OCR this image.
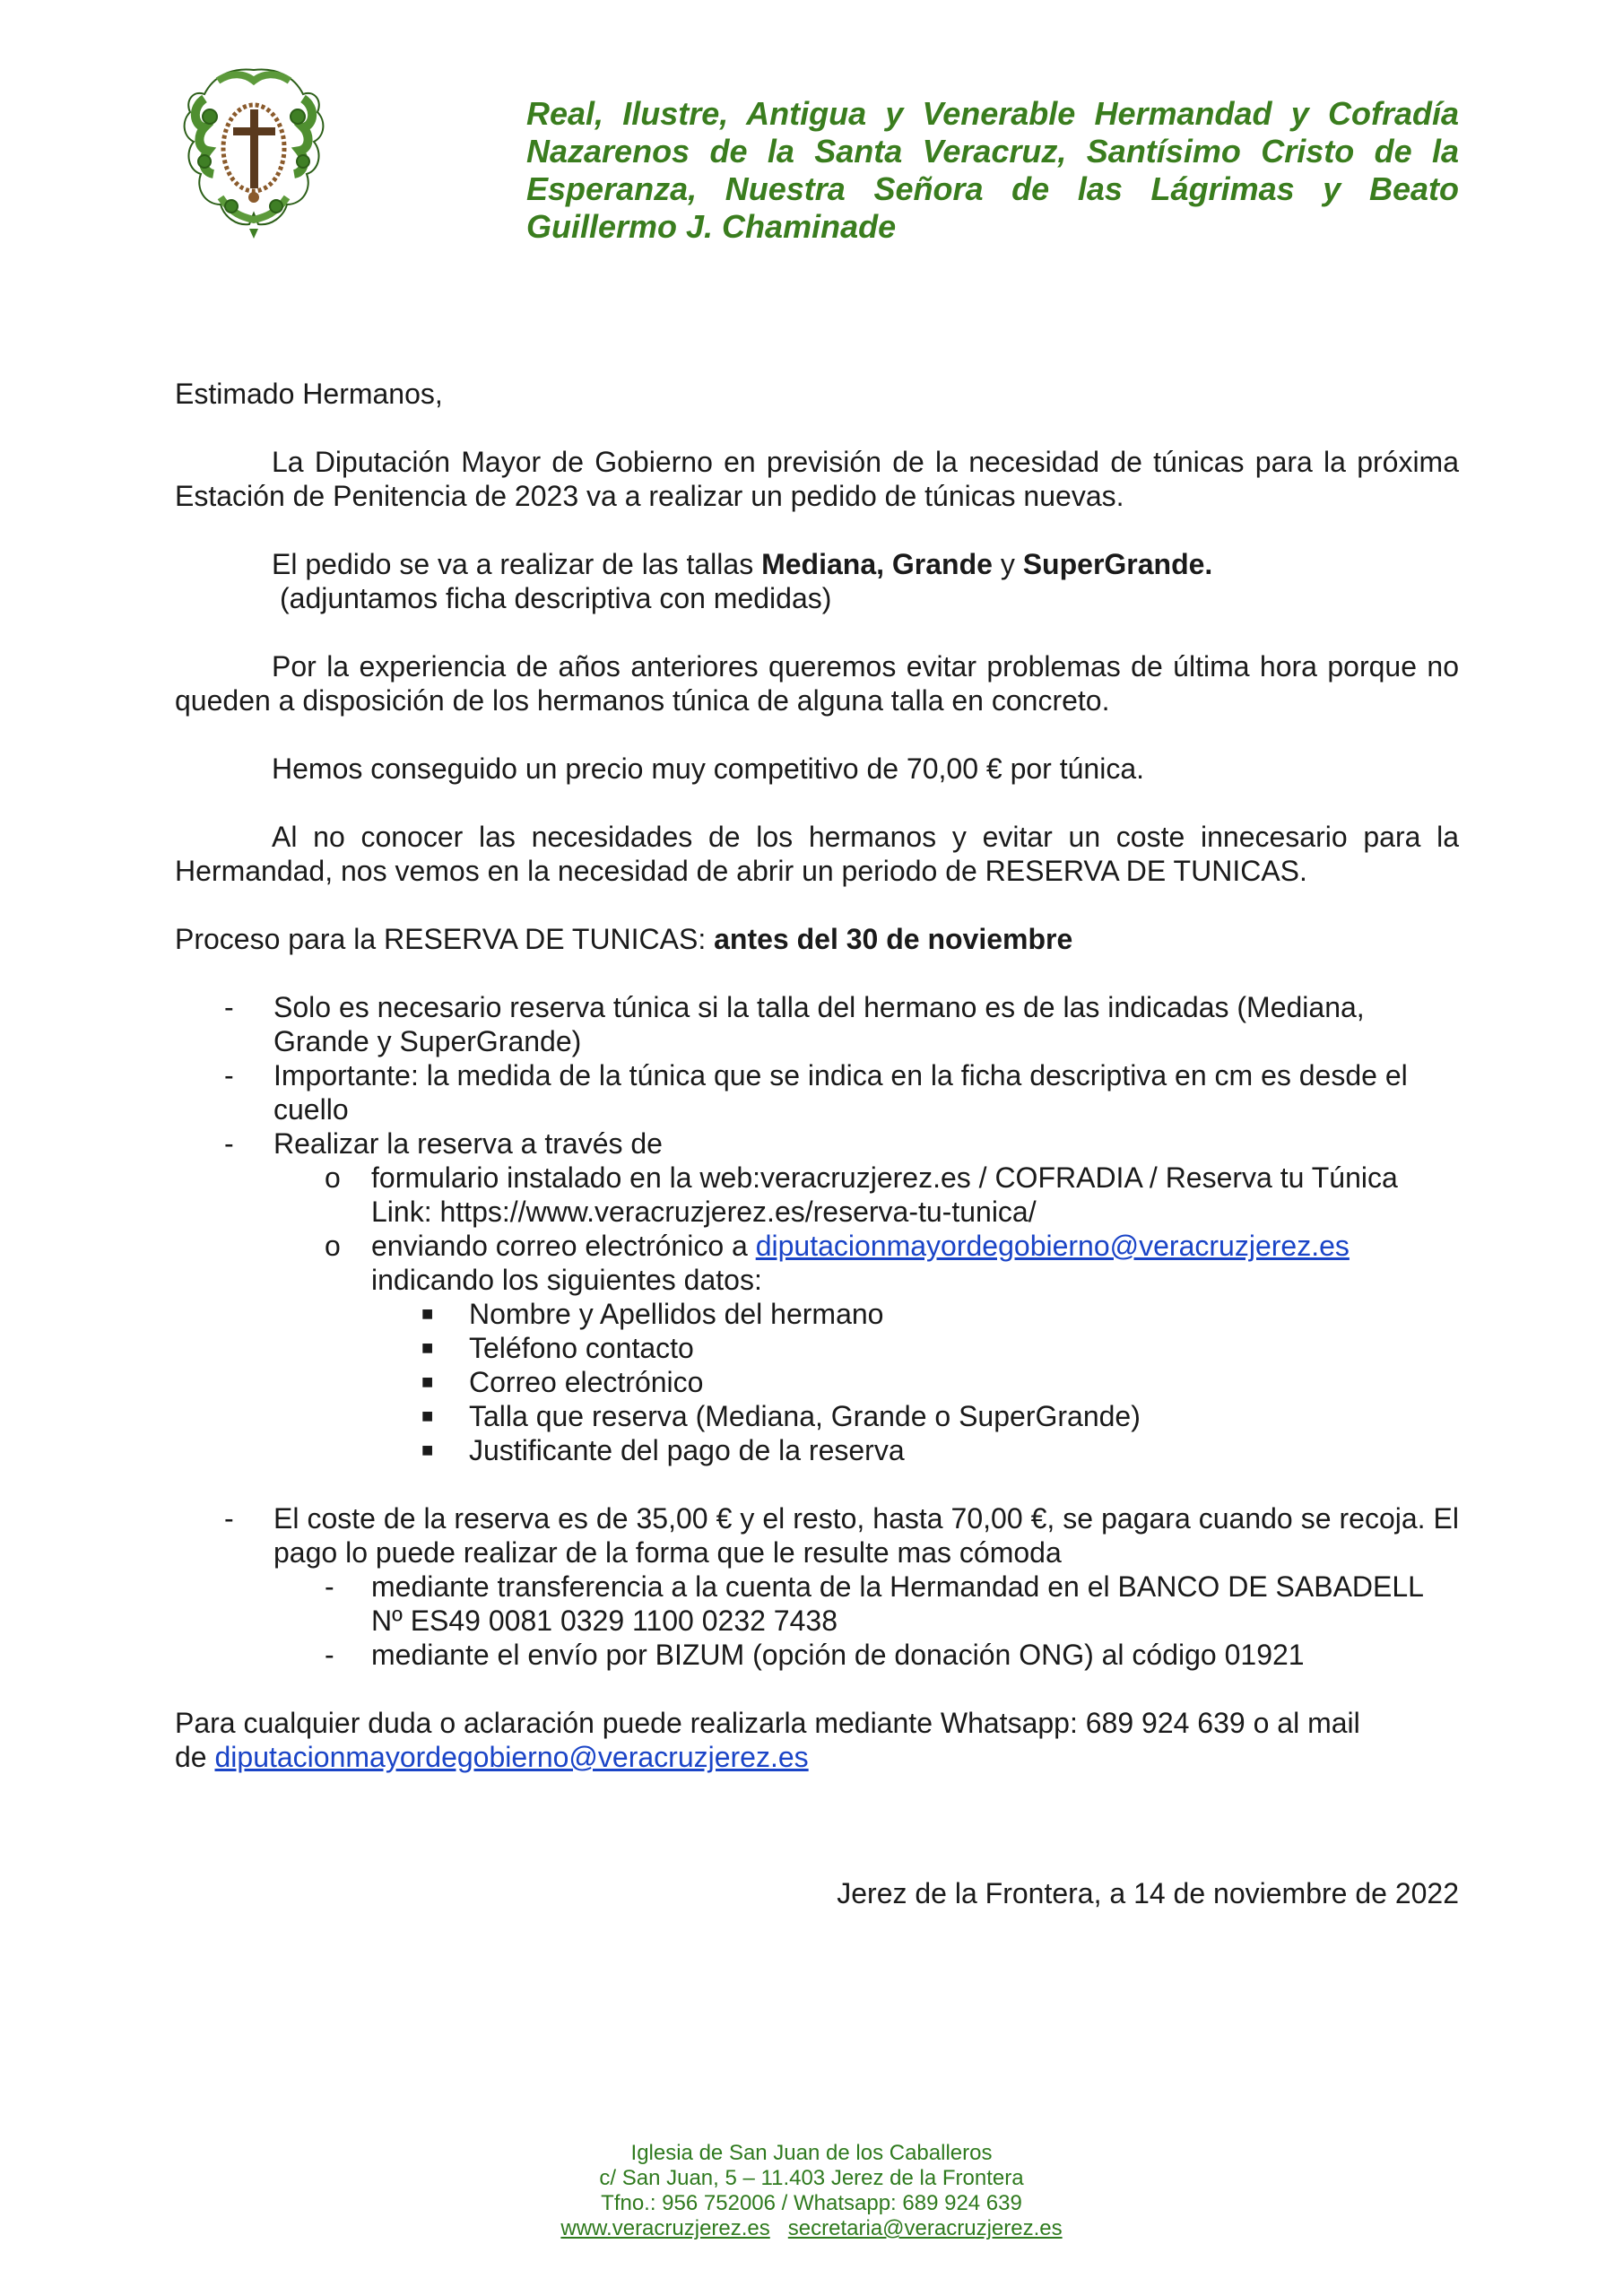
Real, Ilustre, Antigua y Venerable Hermandad y Cofradía Nazarenos de la Santa Veracruz, Santísimo Cristo de la Esperanza, Nuestra Señora de las Lágrimas y Beato Guillermo J. Chaminade

Estimado Hermanos,

La Diputación Mayor de Gobierno en previsión de la necesidad de túnicas para la próxima Estación de Penitencia de 2023 va a realizar un pedido de túnicas nuevas.

El pedido se va a realizar de las tallas Mediana, Grande y SuperGrande.

(adjuntamos ficha descriptiva con medidas)

Por la experiencia de años anteriores queremos evitar problemas de última hora porque no queden a disposición de los hermanos túnica de alguna talla en concreto.

Hemos conseguido un precio muy competitivo de 70,00 € por túnica.

Al no conocer las necesidades de los hermanos y evitar un coste innecesario para la Hermandad, nos vemos en la necesidad de abrir un periodo de RESERVA DE TUNICAS.

Proceso para la RESERVA DE TUNICAS: antes del 30 de noviembre

- Solo es necesario reserva túnica si la talla del hermano es de las indicadas (Mediana, Grande y SuperGrande)
- Importante: la medida de la túnica que se indica en la ficha descriptiva en cm es desde el cuello
- Realizar la reserva a través de
o formulario instalado en la web:veracruzjerez.es / COFRADIA / Reserva tu Túnica
Link: https://www.veracruzjerez.es/reserva-tu-tunica/
o enviando correo electrónico a diputacionmayordegobierno@veracruzjerez.es
indicando los siguientes datos:
■ Nombre y Apellidos del hermano
■ Teléfono contacto
■ Correo electrónico
■ Talla que reserva (Mediana, Grande o SuperGrande)
■ Justificante del pago de la reserva
- El coste de la reserva es de 35,00 € y el resto, hasta 70,00 €, se pagara cuando se recoja. El pago lo puede realizar de la forma que le resulte mas cómoda
- mediante transferencia a la cuenta de la Hermandad en el BANCO DE SABADELL Nº ES49 0081 0329 1100 0232 7438
- mediante el envío por BIZUM (opción de donación ONG) al código 01921

Para cualquier duda o aclaración puede realizarla mediante Whatsapp: 689 924 639 o al mail
de diputacionmayordegobierno@veracruzjerez.es

Jerez de la Frontera, a 14 de noviembre de 2022

Iglesia de San Juan de los Caballeros
c/ San Juan, 5 – 11.403 Jerez de la Frontera
Tfno.: 956 752006 / Whatsapp: 689 924 639
www.veracruzjerez.es secretaria@veracruzjerez.es
